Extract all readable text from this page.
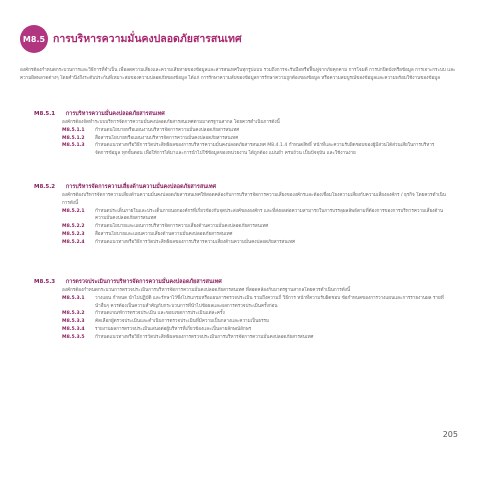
M8.5 การบริหารความมั่นคงปลอดภัยสารสนเทศ
องค์กรต้องกำหนดกระบวนการและวิธีการที่จำเป็น เพื่อลดความเสี่ยงและความเสียหายของข้อมูลและสารสนเทศในทุกรูปแบบ รวมถึงการจะรับมือหรือฟื้นฟูจากภัยคุกคาม การโจมตี การปกปิดบังหรือข้อมูล การเจาะกระบบ และความผิดพลาดต่างๆ โดยคำนึงถึงระดับประกันที่เหมาะสมของความปลอดภัยของข้อมูล ได้แก่ การรักษาความลับของข้อมูลการรักษาความถูกต้องของข้อมูล หรือความสมบูรณ์ของข้อมูลและความพร้อมใช้งานของข้อมูล
M8.5.1 การบริหารความมั่นคงปลอดภัยสารสนเทศ
องค์กรต้องจัดทำระบบบริหารจัดการความมั่นคงปลอดภัยสารสนเทศตามมาตรฐานสากล โดยควรดำเนินการดังนี้
M8.5.1.1	กำหนดนโยบายหรือแผนงานบริหารจัดการความมั่นคงปลอดภัยสารสนเทศ
M8.5.1.2	สื่อสารนโยบายหรือแผนงานบริหารจัดการความมั่นคงปลอดภัยสารสนเทศ
M8.5.1.3	กำหนดแนวทางหรือวิธีการวัดประสิทธิผลของการบริหารความมั่นคงปลอดภัยสารสนเทศ M8.4.1.4 กำหนดสิทธิ์ หน้าที่และความรับผิดชอบของผู้มีส่วนได้ส่วนเสียในการบริหารจัดการข้อมูล ทุกขั้นตอน เพื่อให้การได้มาและการนำไปใช้ข้อมูลของหน่วยงาน ได้ถูกต้อง แม่นยำ ครบถ้วน เป็นปัจจุบัน และใช้งานง่าย
M8.5.2 การบริหารจัดการความเสี่ยงด้านความมั่นคงปลอดภัยสารสนเทศ
องค์กรต้องบริหารจัดการความเสี่ยงด้านความมั่นคงปลอดภัยสารสนเทศให้สอดคล้องกับการบริหารจัดการความเสี่ยงของงค์กรและต้องเชื่อมโยงความเสี่ยงกับความเสี่ยงองค์กร / ธุรกิจ โดยควรดำเนินการดังนี้
M8.5.2.1	กำหนดประเด็นภายในและประเด็นภายนอกองค์กรที่เกี่ยวข้องกับจุดประสงค์ขององค์กร และที่ส่งผลต่อความสามารถในการบรรลุผลลัพธ์ตามที่ต้องการของการบริหารความเสี่ยงด้านความมั่นคงปลอดภัยสารสนเทศ
M8.5.2.2	กำหนดนโยบายและแผนการบริหารจัดการความเสี่ยงด้านความมั่นคงปลอดภัยสารสนเทศ
M8.5.2.3	สื่อสารนโยบายและแผนความเสี่ยงด้านความมั่นคงปลอดภัยสารสนเทศ
M8.5.2.4	กำหนดแนวทางหรือวิธีการวัดประสิทธิผลของการบริหารความเสี่ยงด้านความมั่นคงปลอดภัยสารสนเทศ
M8.5.3 การตรวจประเมินการบริหารจัดการความมั่นคงปลอดภัยสารสนเทศ
องค์กรต้องกำหนดกระบวนการตรวจประเมินการบริหารจัดการความมั่นคงปลอดภัยสารสนเทศ ที่สอดคล้องกับมาตรฐานสากลโดยควรดำเนินการดังนี้
M8.5.3.1	วางแผน กำหนด นำไปปฏิบัติ และรักษาไว้ซึ่งโปรแกรมหรือแผนการตรวจประเมิน รวมถึงความถี่ วิธีการ หน้าที่ความรับผิดชอบ ข้อกำหนดของการวางแผนและการรายงานผล รายที่นำอื่นๆ ควรต้องเป็นความสำคัญกับกระบวนการที่นำไปข้อผลและผลการตรวจประเมินครั้งก่อน
M8.5.3.2	กำหนดเกณฑ์การตรวจประเมิน และขอบเขตการประเมินแต่ละครั้ง
M8.5.3.3	คัดเลือกผู้ตรวจประเมินและดำเนินการตรวจประเมินที่มีความเป็นกลางและความเป็นธรรม
M8.5.3.4	รายงานผลการตรวจประเมินเสนอต่อผู้บริหารที่เกี่ยวข้องและเป็นลายลักษณ์อักษร
M8.5.3.5	กำหนดแนวทางหรือวิธีการวัดประสิทธิผลของการตรวจประเมินการบริหารจัดการความมั่นคงปลอดภัยสารสนเทศ
205
